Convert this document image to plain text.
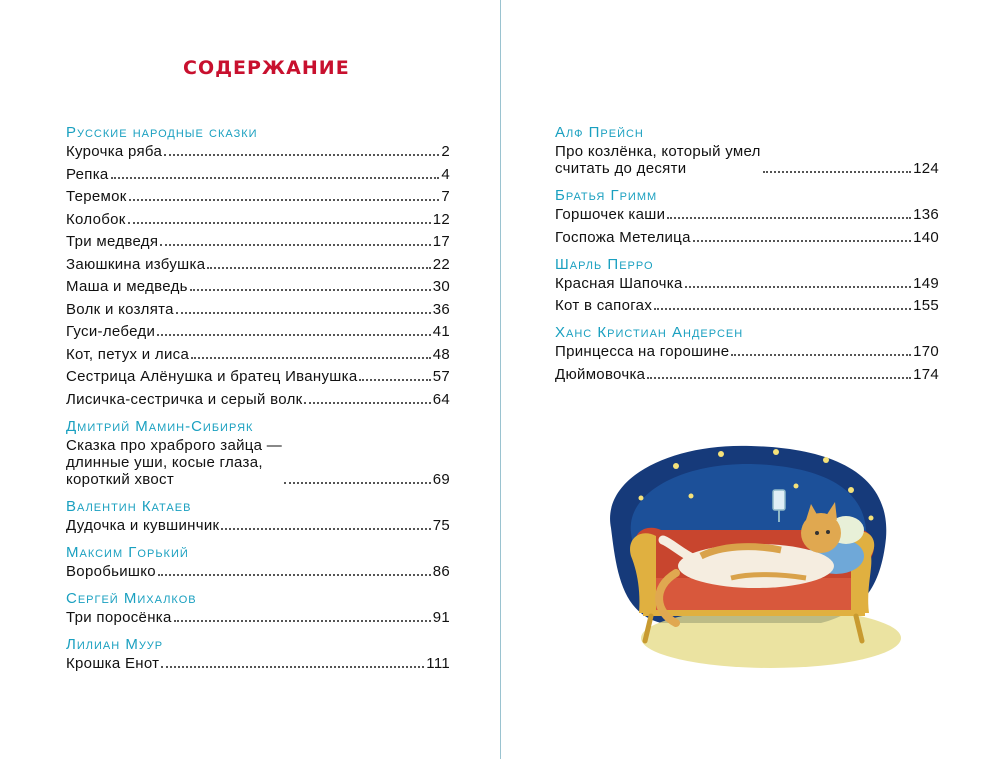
СОДЕРЖАНИЕ
Русские народные сказки
Курочка ряба	2
Репка	4
Теремок	7
Колобок	12
Три медведя	17
Заюшкина избушка	22
Маша и медведь	30
Волк и козлята	36
Гуси-лебеди	41
Кот, петух и лиса	48
Сестрица Алёнушка и братец Иванушка	57
Лисичка-сестричка и серый волк	64
Дмитрий Мамин-Сибиряк
Сказка про храброго зайца —
длинные уши, косые глаза,
короткий хвост	69
Валентин Катаев
Дудочка и кувшинчик	75
Максим Горький
Воробьишко	86
Сергей Михалков
Три поросёнка	91
Лилиан Муур
Крошка Енот	111
Алф Прейсн
Про козлёнка, который умел
считать до десяти	124
Братья Гримм
Горшочек каши	136
Госпожа Метелица	140
Шарль Перро
Красная Шапочка	149
Кот в сапогах	155
Ханс Кристиан Андерсен
Принцесса на горошине	170
Дюймовочка	174
